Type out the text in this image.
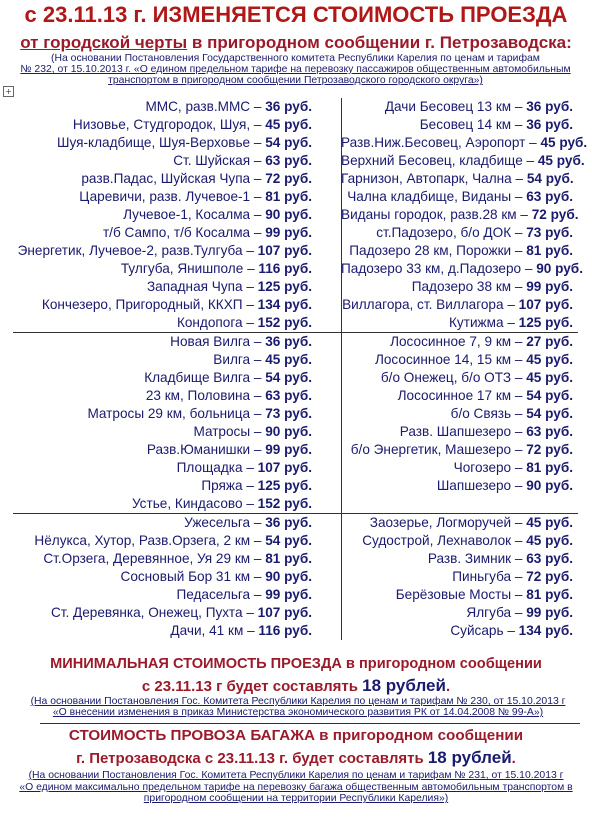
с 23.11.13 г. ИЗМЕНЯЕТСЯ СТОИМОСТЬ ПРОЕЗДА
от городской черты в пригородном сообщении г. Петрозаводска:
(На основании Постановления Государственного комитета Республики Карелия по ценам и тарифам
№ 232, от 15.10.2013 г. «О едином предельном тарифе на перевозку пассажиров общественным автомобильным
транспортом в пригородном сообщении Петрозаводского городского округа»)
+
ММС, разв.ММС – 36 руб.	Дачи Бесовец 13 км – 36 руб.
Низовье, Студгородок, Шуя, – 45 руб.	Бесовец 14 км – 36 руб.
Шуя-кладбище, Шуя-Верховье – 54 руб.	Разв.Ниж.Бесовец, Аэропорт – 45 руб.
Ст. Шуйская – 63 руб.	Верхний Бесовец, кладбище – 45 руб.
разв.Падас, Шуйская Чупа – 72 руб.	Гарнизон, Автопарк, Чална – 54 руб.
Царевичи, разв. Лучевое-1 – 81 руб.	Чална кладбище, Виданы – 63 руб.
Лучевое-1, Косалма – 90 руб.	Виданы городок, разв.28 км – 72 руб.
т/б Сампо, т/б Косалма – 99 руб.	ст.Падозеро, б/о ДОК – 73 руб.
Энергетик, Лучевое-2, разв.Тулгуба – 107 руб.	Падозеро 28 км, Порожки – 81 руб.
Тулгуба, Янишполе – 116 руб.	Падозеро 33 км, д.Падозеро – 90 руб.
Западная Чупа – 125 руб.	Падозеро 38 км – 99 руб.
Кончезеро, Пригородный, ККХП – 134 руб.	Виллагора, ст. Виллагора – 107 руб.
Кондопога – 152 руб.	Кутижма – 125 руб.
Новая Вилга – 36 руб.	Лососинное 7, 9 км – 27 руб.
Вилга – 45 руб.	Лососинное 14, 15 км – 45 руб.
Кладбище Вилга – 54 руб.	б/о Онежец, б/о ОТЗ – 45 руб.
23 км, Половина – 63 руб.	Лососинное 17 км – 54 руб.
Матросы 29 км, больница – 73 руб.	б/о Связь – 54 руб.
Матросы – 90 руб.	Разв. Шапшезеро – 63 руб.
Разв.Юманишки – 99 руб.	б/о Энергетик, Машезеро – 72 руб.
Площадка – 107 руб.	Чогозеро – 81 руб.
Пряжа – 125 руб.	Шапшезеро – 90 руб.
Устье, Киндасово – 152 руб.
Ужесельга – 36 руб.	Заозерье, Логморучей – 45 руб.
Нёлукса, Хутор, Разв.Орзега, 2 км – 54 руб.	Судострой, Лехнаволок – 45 руб.
Ст.Орзега, Деревянное, Уя 29 км – 81 руб.	Разв. Зимник – 63 руб.
Сосновый Бор 31 км – 90 руб.	Пиньгуба – 72 руб.
Педасельга – 99 руб.	Берёзовые Мосты – 81 руб.
Ст. Деревянка, Онежец, Пухта – 107 руб.	Ялгуба – 99 руб.
Дачи, 41 км – 116 руб.	Суйсарь – 134 руб.
МИНИМАЛЬНАЯ СТОИМОСТЬ ПРОЕЗДА в пригородном сообщении
с 23.11.13 г будет составлять 18 рублей.
(На основании Постановления Гос. Комитета Республики Карелия по ценам и тарифам № 230, от 15.10.2013 г
«О внесении изменения в приказ Министерства экономического развития РК от 14.04.2008 № 99-А»)
СТОИМОСТЬ ПРОВОЗА БАГАЖА в пригородном сообщении
г. Петрозаводска с 23.11.13 г. будет составлять 18 рублей.
(На основании Постановления Гос. Комитета Республики Карелия по ценам и тарифам № 231, от 15.10.2013 г
«О едином максимально предельном тарифе на перевозку багажа общественным автомобильным транспортом в
пригородном сообщении на территории Республики Карелия»)
